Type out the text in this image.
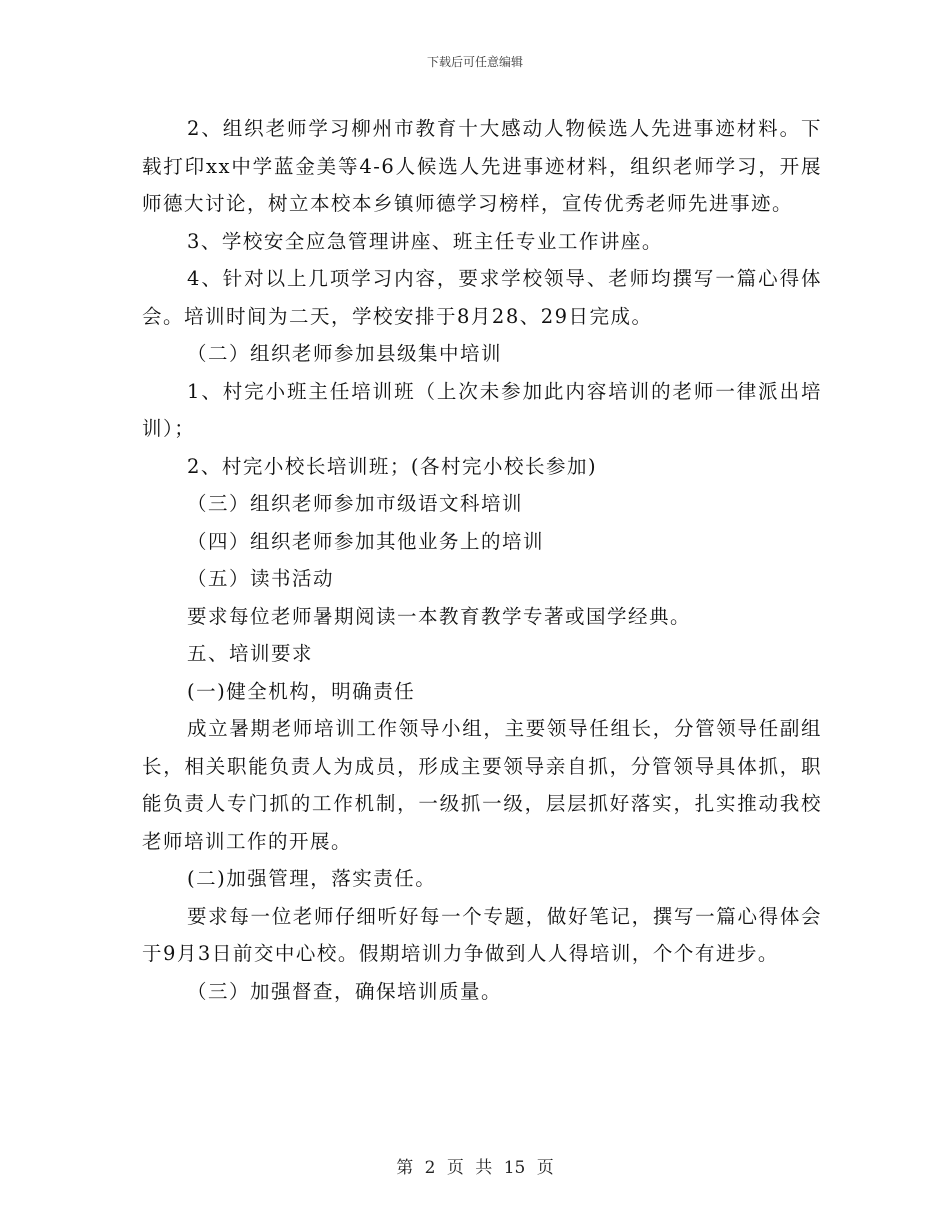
下载后可任意编辑

2、组织老师学习柳州市教育十大感动人物候选人先进事迹材料。下载打印xx中学蓝金美等4-6人候选人先进事迹材料，组织老师学习，开展师德大讨论，树立本校本乡镇师德学习榜样，宣传优秀老师先进事迹。

3、学校安全应急管理讲座、班主任专业工作讲座。

4、针对以上几项学习内容，要求学校领导、老师均撰写一篇心得体会。培训时间为二天，学校安排于8月28、29日完成。

（二）组织老师参加县级集中培训

1、村完小班主任培训班（上次未参加此内容培训的老师一律派出培训）；

2、村完小校长培训班；(各村完小校长参加)

（三）组织老师参加市级语文科培训

（四）组织老师参加其他业务上的培训

（五）读书活动

要求每位老师暑期阅读一本教育教学专著或国学经典。

五、培训要求

(一)健全机构，明确责任

成立暑期老师培训工作领导小组，主要领导任组长，分管领导任副组长，相关职能负责人为成员，形成主要领导亲自抓，分管领导具体抓，职能负责人专门抓的工作机制，一级抓一级，层层抓好落实，扎实推动我校老师培训工作的开展。

(二)加强管理，落实责任。

要求每一位老师仔细听好每一个专题，做好笔记，撰写一篇心得体会于9月3日前交中心校。假期培训力争做到人人得培训，个个有进步。

（三）加强督查，确保培训质量。

第 2 页 共 15 页
